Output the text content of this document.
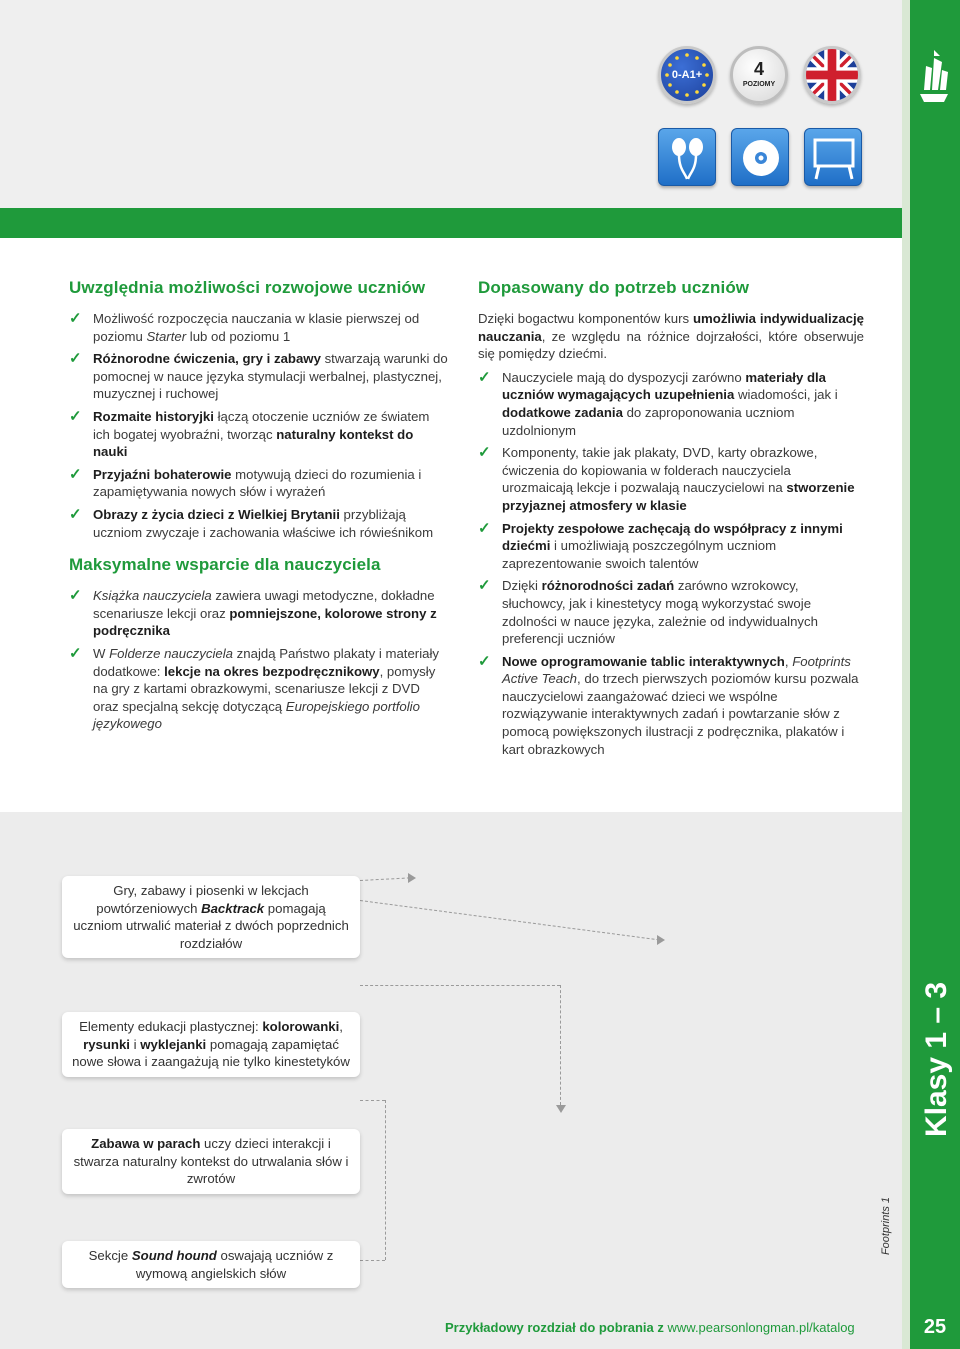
0-A1+	4
POZIOMY
Uwzględnia możliwości rozwojowe uczniów
✓ Możliwość rozpoczęcia nauczania w klasie pierwszej od poziomu Starter lub od poziomu 1
✓ Różnorodne ćwiczenia, gry i zabawy stwarzają warunki do pomocnej w nauce języka stymulacji werbalnej, plastycznej, muzycznej i ruchowej
✓ Rozmaite historyjki łączą otoczenie uczniów ze światem ich bogatej wyobraźni, tworząc naturalny kontekst do nauki
✓ Przyjaźni bohaterowie motywują dzieci do rozumienia i zapamiętywania nowych słów i wyrażeń
✓ Obrazy z życia dzieci z Wielkiej Brytanii przybliżają uczniom zwyczaje i zachowania właściwe ich rówieśnikom
Maksymalne wsparcie dla nauczyciela
✓ Książka nauczyciela zawiera uwagi metodyczne, dokładne scenariusze lekcji oraz pomniejszone, kolorowe strony z podręcznika
✓ W Folderze nauczyciela znajdą Państwo plakaty i materiały dodatkowe: lekcje na okres bezpodręcznikowy, pomysły na gry z kartami obrazkowymi, scenariusze lekcji z DVD oraz specjalną sekcję dotyczącą Europejskiego portfolio językowego
Dopasowany do potrzeb uczniów

Dzięki bogactwu komponentów kurs umożliwia indywidualizację nauczania, ze względu na różnice dojrzałości, które obserwuje się pomiędzy dziećmi.

✓ Nauczyciele mają do dyspozycji zarówno materiały dla uczniów wymagających uzupełnienia wiadomości, jak i dodatkowe zadania do zaproponowania uczniom uzdolnionym
✓ Komponenty, takie jak plakaty, DVD, karty obrazkowe, ćwiczenia do kopiowania w folderach nauczyciela urozmaicają lekcje i pozwalają nauczycielowi na stworzenie przyjaznej atmosfery w klasie
✓ Projekty zespołowe zachęcają do współpracy z innymi dziećmi i umożliwiają poszczególnym uczniom zaprezentowanie swoich talentów
✓ Dzięki różnorodności zadań zarówno wzrokowcy, słuchowcy, jak i kinestetycy mogą wykorzystać swoje zdolności w nauce języka, zależnie od indywidualnych preferencji uczniów
✓ Nowe oprogramowanie tablic interaktywnych, Footprints Active Teach, do trzech pierwszych poziomów kursu pozwala nauczycielowi zaangażować dzieci we wspólne rozwiązywanie interaktywnych zadań i powtarzanie słów z pomocą powiększonych ilustracji z podręcznika, plakatów i kart obrazkowych
Gry, zabawy i piosenki w lekcjach powtórzeniowych Backtrack pomagają uczniom utrwalić materiał z dwóch poprzednich rozdziałów
Elementy edukacji plastycznej: kolorowanki, rysunki i wyklejanki pomagają zapamiętać nowe słowa i zaangażują nie tylko kinestetyków
Zabawa w parach uczy dzieci interakcji i stwarza naturalny kontekst do utrwalania słów i zwrotów
Sekcje Sound hound oswajają uczniów z wymową angielskich słów
Klasy 1 – 3
Footprints 1
25
Przykładowy rozdział do pobrania z www.pearsonlongman.pl/katalog
